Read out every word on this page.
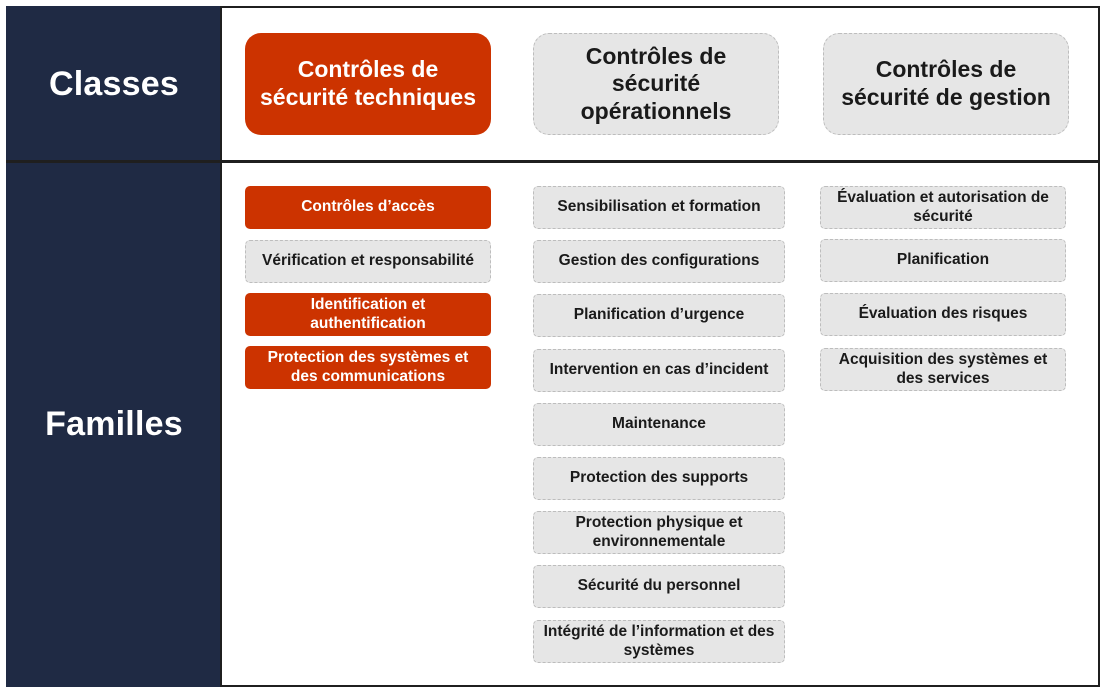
Classes
Familles
Contrôles de sécurité techniques
Contrôles de sécurité opérationnels
Contrôles de sécurité de gestion
Contrôles d’accès
Vérification et responsabilité
Identification et authentification
Protection des systèmes et des communications
Sensibilisation et formation
Gestion des configurations
Planification d’urgence
Intervention en cas d’incident
Maintenance
Protection des supports
Protection physique et environnementale
Sécurité du personnel
Intégrité de l’information et des systèmes
Évaluation et autorisation de sécurité
Planification
Évaluation des risques
Acquisition des systèmes et des services
